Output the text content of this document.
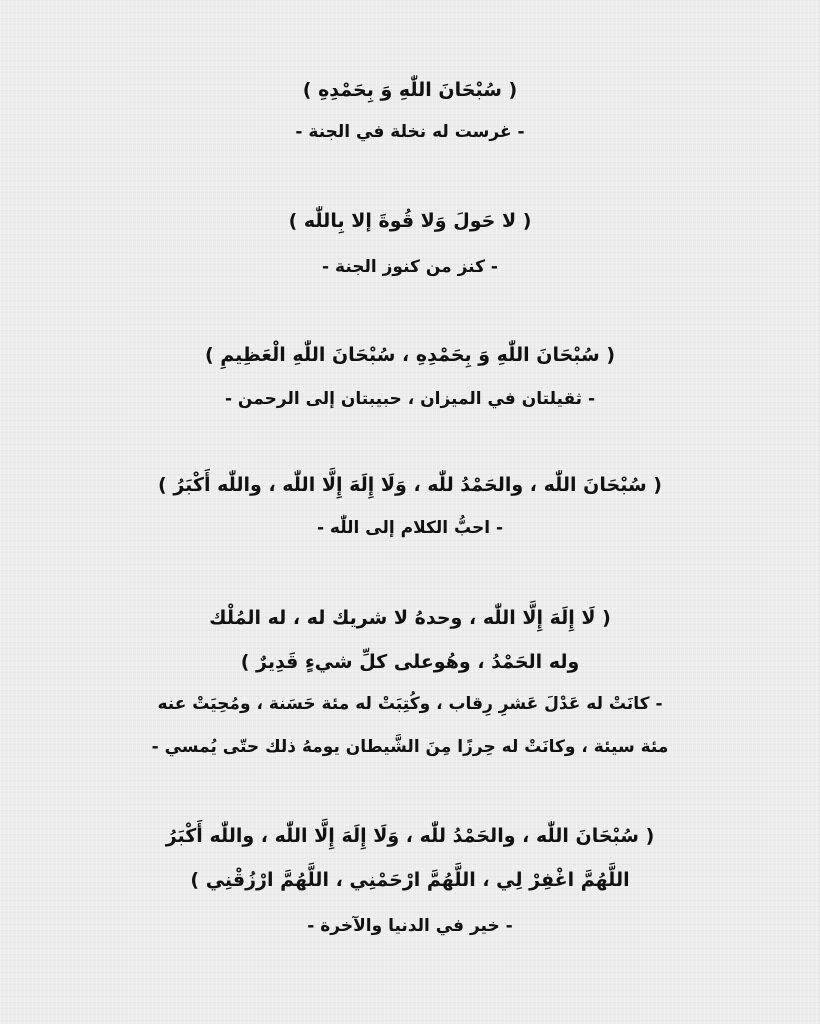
( سُبْحَانَ اللّٰهِ وَ بِحَمْدِهِ )
- غرست له نخلة في الجنة -
( لا حَولَ وَلا قُوةَ إلا بِاللّٰه )
- كنز من كنوز الجنة -
( سُبْحَانَ اللّٰهِ وَ بِحَمْدِهِ ، سُبْحَانَ اللّٰهِ الْعَظِيمِ )
- ثقيلتان في الميزان ، حبيبتان إلى الرحمن -
( سُبْحَانَ اللّٰه ، والحَمْدُ للّٰه ، وَلَا إِلَهَ إِلَّا اللّٰه ، واللّٰه أَكْبَرُ )
- احبُّ الكلام إلى اللّٰه -
( لَا إِلَهَ إِلَّا اللّٰه ، وحدهُ لا شريك له ، له المُلْك
وله الحَمْدُ ، وهُوعلى كلِّ شيءٍ قَدِيرٌ )
- كانَتْ له عَدْلَ عَشرِ رِقاب ، وكُتِبَتْ له مئة حَسَنة ، ومُحِيَتْ عنه
مئة سيئة ، وكانَتْ له حِرزًا مِنَ الشَّيطان يومهُ ذلك حتّى يُمسي -
( سُبْحَانَ اللّٰه ، والحَمْدُ للّٰه ، وَلَا إِلَهَ إِلَّا اللّٰه ، واللّٰه أَكْبَرُ
اللَّهُمَّ اغْفِرْ لِي ، اللَّهُمَّ ارْحَمْنِي ، اللَّهُمَّ ارْزُقْنِي )
- خير في الدنيا والآخرة -
